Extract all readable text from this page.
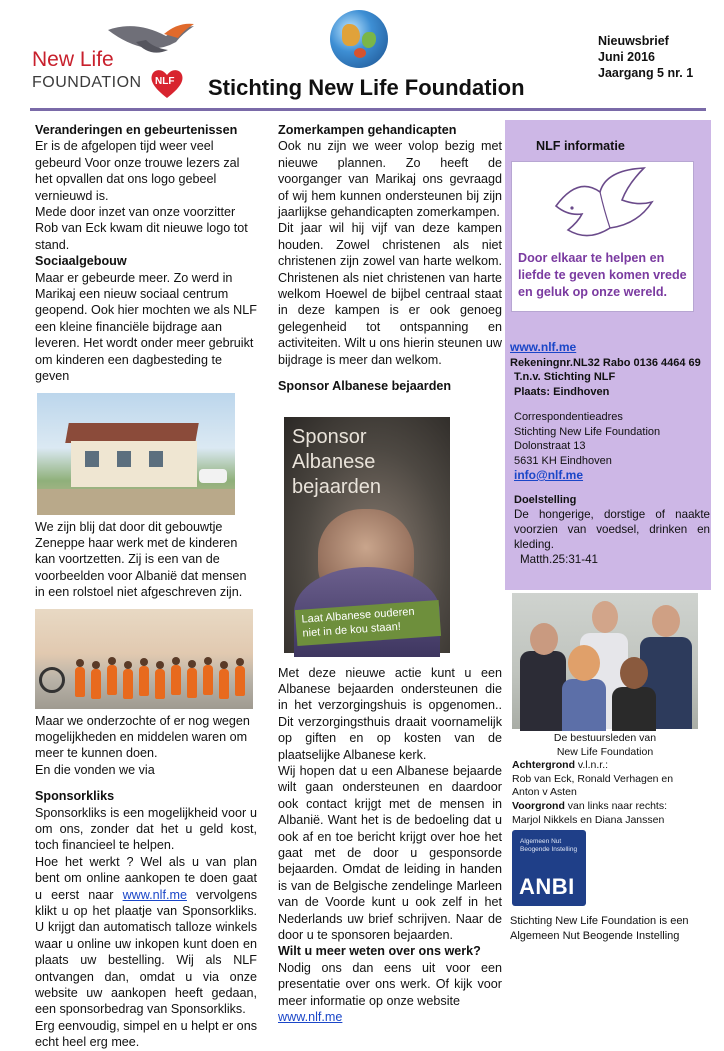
New Life
FOUNDATION NLF Stichting New Life Foundation
Nieuwsbrief
Juni 2016
Jaargang 5 nr. 1
Veranderingen en gebeurtenissen

Er is de afgelopen tijd weer veel gebeurd Voor onze trouwe lezers zal het opvallen dat ons logo gebeel vernieuwd is.

Mede door inzet van onze voorzitter Rob van Eck kwam dit nieuwe logo tot stand.

Sociaalgebouw

Maar er gebeurde meer. Zo werd in Marikaj een nieuw sociaal centrum geopend. Ook hier mochten we als NLF een kleine financiële bijdrage aan leveren. Het wordt onder meer gebruikt om kinderen een dagbesteding te geven

We zijn blij dat door dit gebouwtje Zeneppe haar werk met de kinderen kan voortzetten. Zij is een van de voorbeelden voor Albanië dat mensen in een rolstoel niet afgeschreven zijn.

Maar we onderzochte of er nog wegen mogelijkheden en middelen waren om meer te kunnen doen.

En die vonden we via

Sponsorkliks

Sponsorkliks is een mogelijkheid voor u om ons, zonder dat het u geld kost, toch financieel te helpen.

Hoe het werkt ? Wel als u van plan bent om online aankopen te doen gaat u eerst naar www.nlf.me vervolgens klikt u op het plaatje van Sponsorkliks. U krijgt dan automatisch talloze winkels waar u online uw inkopen kunt doen en plaats uw bestelling. Wij als NLF ontvangen dan, omdat u via onze website uw aankopen heeft gedaan, een sponsorbedrag van Sponsorkliks.

Erg eenvoudig, simpel en u helpt er ons echt heel erg mee.

Zomerkampen gehandicapten

Ook nu zijn we weer volop bezig met nieuwe plannen. Zo heeft de voorganger van Marikaj ons gevraagd of wij hem kunnen ondersteunen bij zijn jaarlijkse gehandicapten zomerkampen.

Dit jaar wil hij vijf van deze kampen houden. Zowel christenen als niet christenen zijn zowel van harte welkom. Christenen als niet christenen van harte welkom Hoewel de bijbel centraal staat in deze kampen is er ook genoeg gelegenheid tot ontspanning en activiteiten. Wilt u ons hierin steunen uw bijdrage is meer dan welkom.

Sponsor Albanese bejaarden
Sponsor Albanese bejaarden
Laat Albanese ouderen niet in de kou staan!

Met deze nieuwe actie kunt u een Albanese bejaarden ondersteunen die in het verzorgingshuis is opgenomen.. Dit verzorgingsthuis draait voornamelijk op giften en op kosten van de plaatselijke Albanese kerk.

Wij hopen dat u een Albanese bejaarde wilt gaan ondersteunen en daardoor ook contact krijgt met de mensen in Albanië. Want het is de bedoeling dat u ook af en toe bericht krijgt over hoe het gaat met de door u gesponsorde bejaarden. Omdat de leiding in handen is van de Belgische zendelinge Marleen van de Voorde kunt u ook zelf in het Nederlands uw brief schrijven. Naar de door u te sponsoren bejaarden.

Wilt u meer weten over ons werk?

Nodig ons dan eens uit voor een presentatie over ons werk. Of kijk voor meer informatie op onze website

www.nlf.me

NLF informatie
Door elkaar te helpen en liefde te geven komen vrede en geluk op onze wereld.
www.nlf.me
Rekeningnr.NL32 Rabo 0136 4464 69
T.n.v. Stichting NLF
Plaats: Eindhoven
Correspondentieadres
Stichting New Life Foundation
Dolonstraat 13
5631 KH Eindhoven
info@nlf.me
Doelstelling
De hongerige, dorstige of naakte voorzien van voedsel, drinken en kleding.
Matth.25:31-41
De bestuursleden van
New Life Foundation
Achtergrond v.l.n.r.:
Rob van Eck, Ronald Verhagen en Anton v Asten
Voorgrond van links naar rechts:
Marjol Nikkels en Diana Janssen
Algemeen Nut Beogende Instelling
ANBI
Stichting New Life Foundation is een Algemeen Nut Beogende Instelling
